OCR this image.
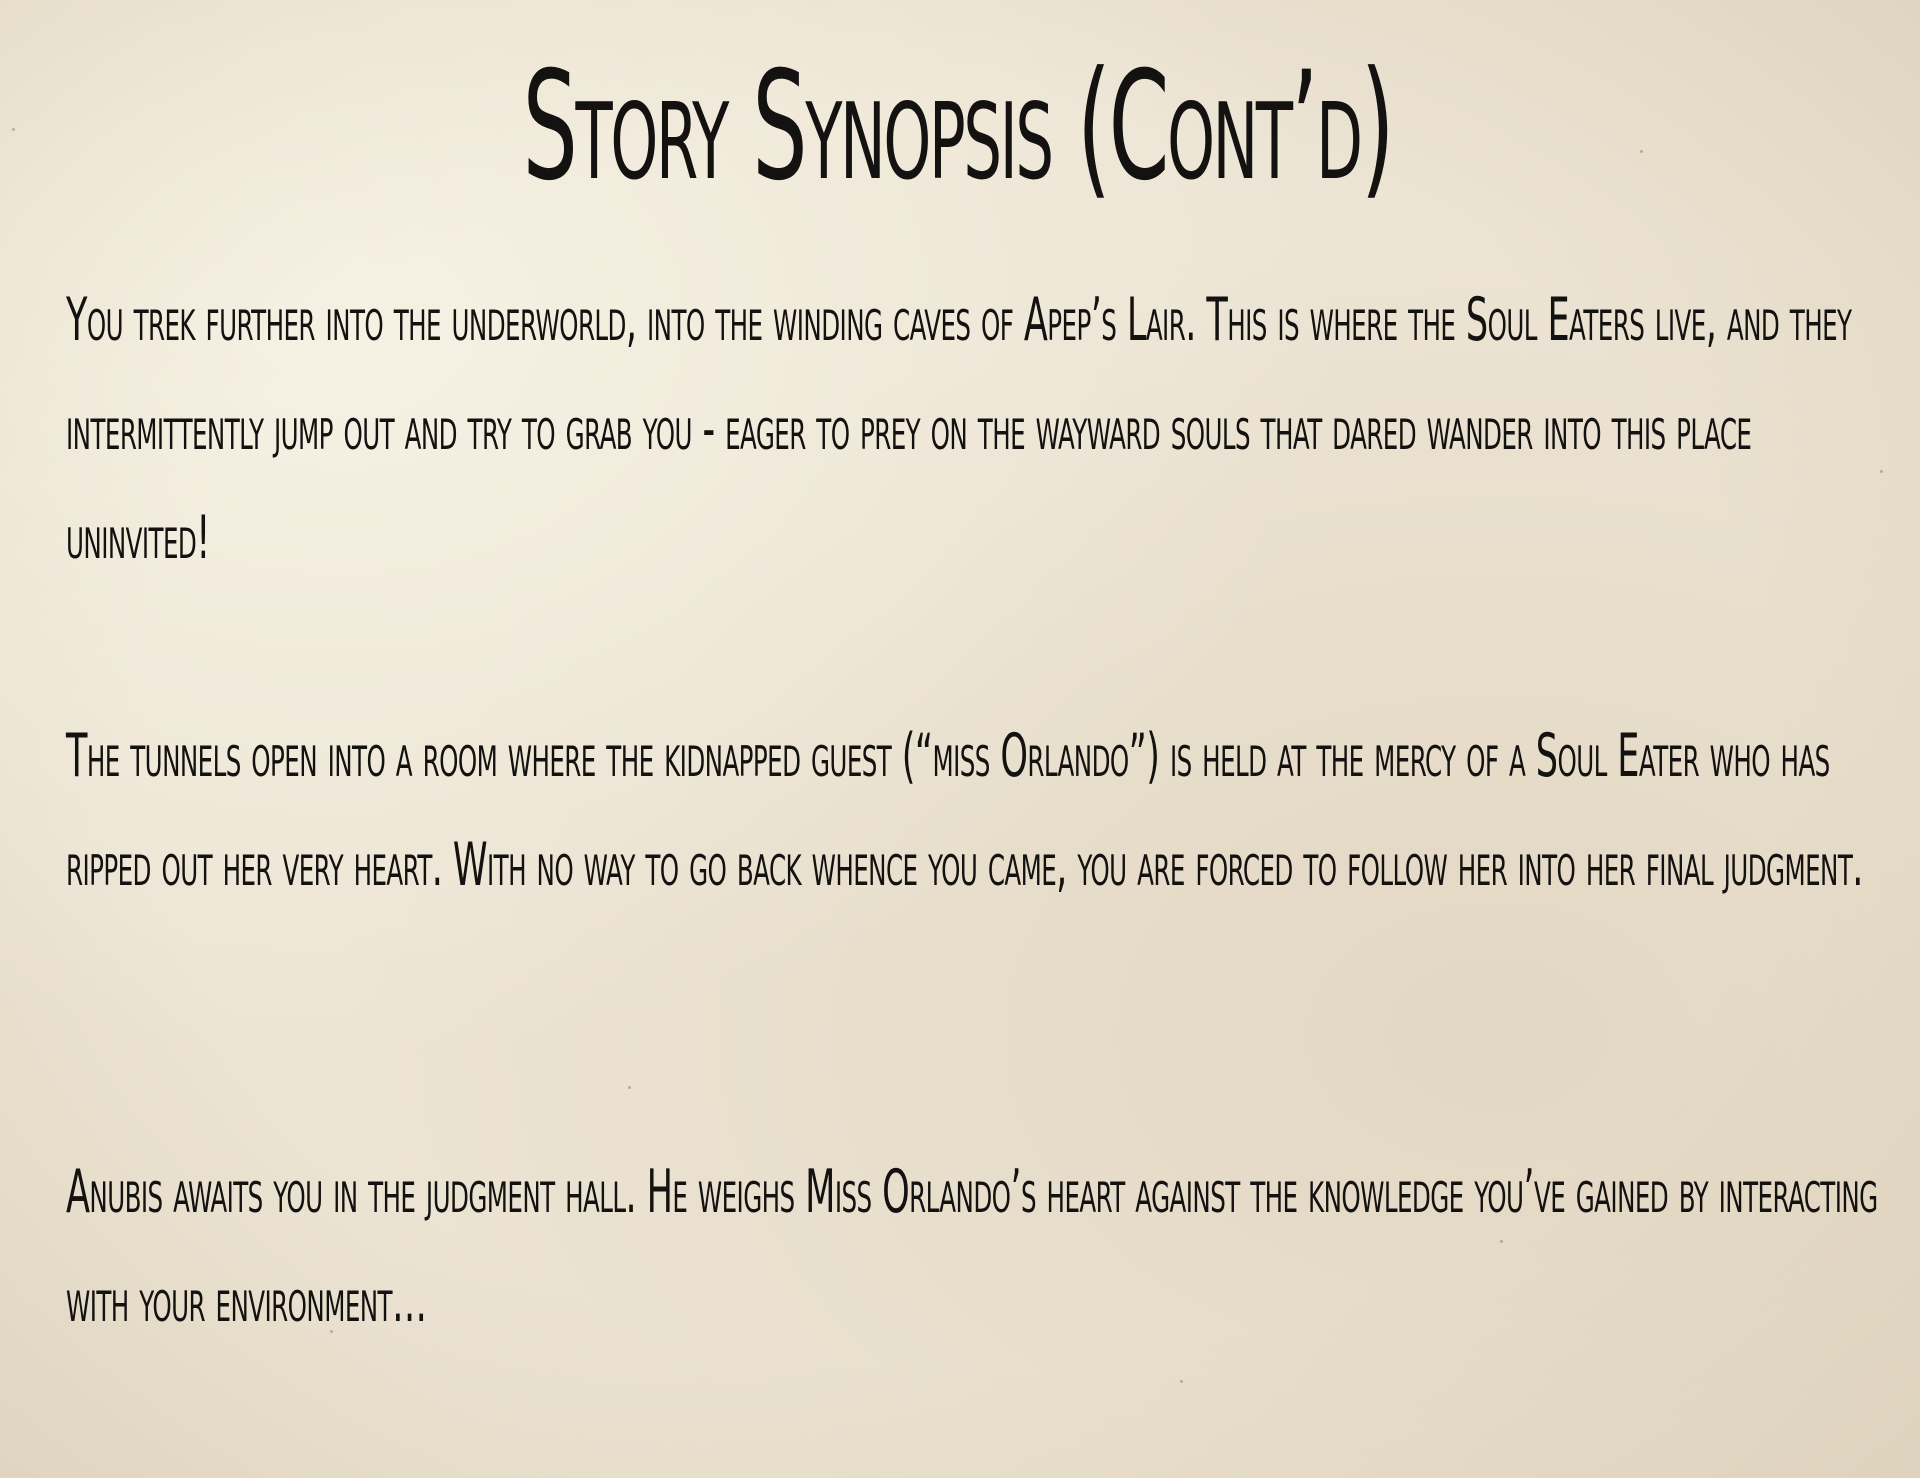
Story Synopsis (Cont’d)

You trek further into the underworld, into the winding caves of Apep’s Lair. This is where the Soul Eaters live, and they intermittently jump out and try to grab you - eager to prey on the wayward souls that dared wander into this place uninvited!

The tunnels open into a room where the kidnapped guest (“miss Orlando”) is held at the mercy of a Soul Eater who has ripped out her very heart. With no way to go back whence you came, you are forced to follow her into her final judgment.

Anubis awaits you in the judgment hall. He weighs Miss Orlando’s heart against the knowledge you’ve gained by interacting with your environment…
